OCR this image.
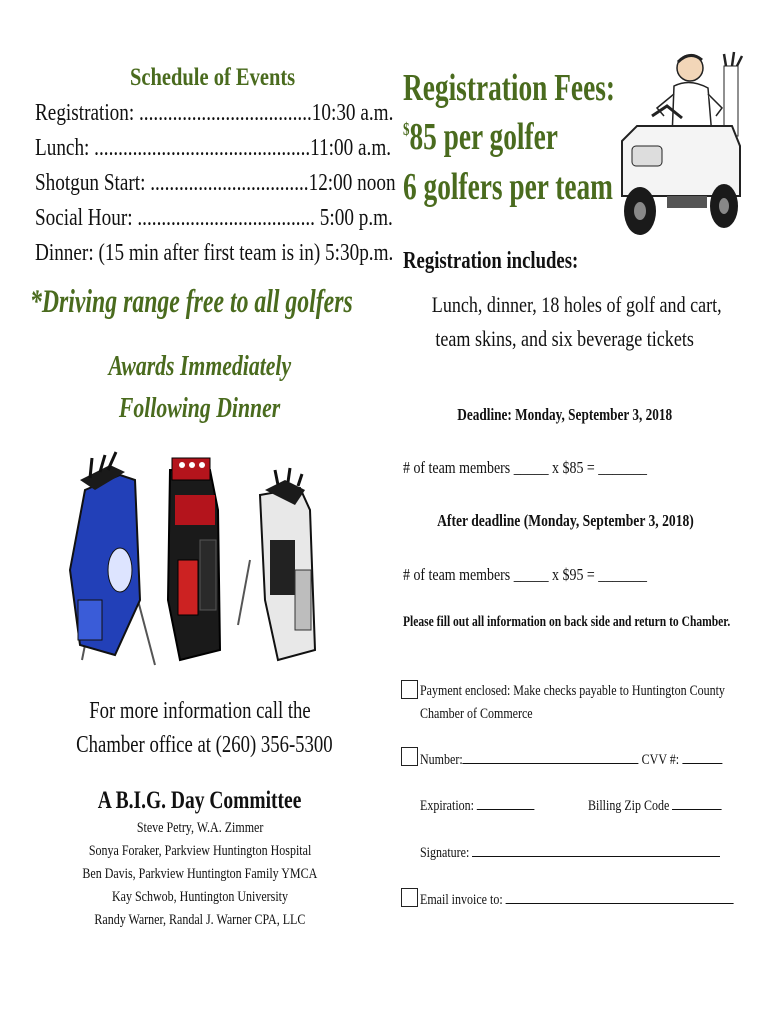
Schedule of Events
Registration: ....................................10:30 a.m.
Lunch: .............................................11:00 a.m.
Shotgun Start: .................................12:00 noon
Social Hour: ..................................... 5:00 p.m.
Dinner: (15 min after first team is in) 5:30p.m.
*Driving range free to all golfers
Awards Immediately
Following Dinner
Registration Fees:
$85 per golfer
6 golfers per team
Registration includes:
Lunch, dinner, 18 holes of golf and cart,
team skins, and six beverage tickets
Deadline: Monday, September 3, 2018
# of team members _____ x $85 = _______
After deadline (Monday, September 3, 2018)
# of team members _____ x $95 = _______
Please fill out all information on back side and return to Chamber.
Payment enclosed: Make checks payable to Huntington County
Chamber of Commerce
Number:	CVV #:
Expiration:	Billing Zip Code
Signature:
Email invoice to:
For more information call the
Chamber office at (260) 356-5300
A B.I.G. Day Committee
Steve Petry, W.A. Zimmer
Sonya Foraker, Parkview Huntington Hospital
Ben Davis, Parkview Huntington Family YMCA
Kay Schwob, Huntington University
Randy Warner, Randal J. Warner CPA, LLC
